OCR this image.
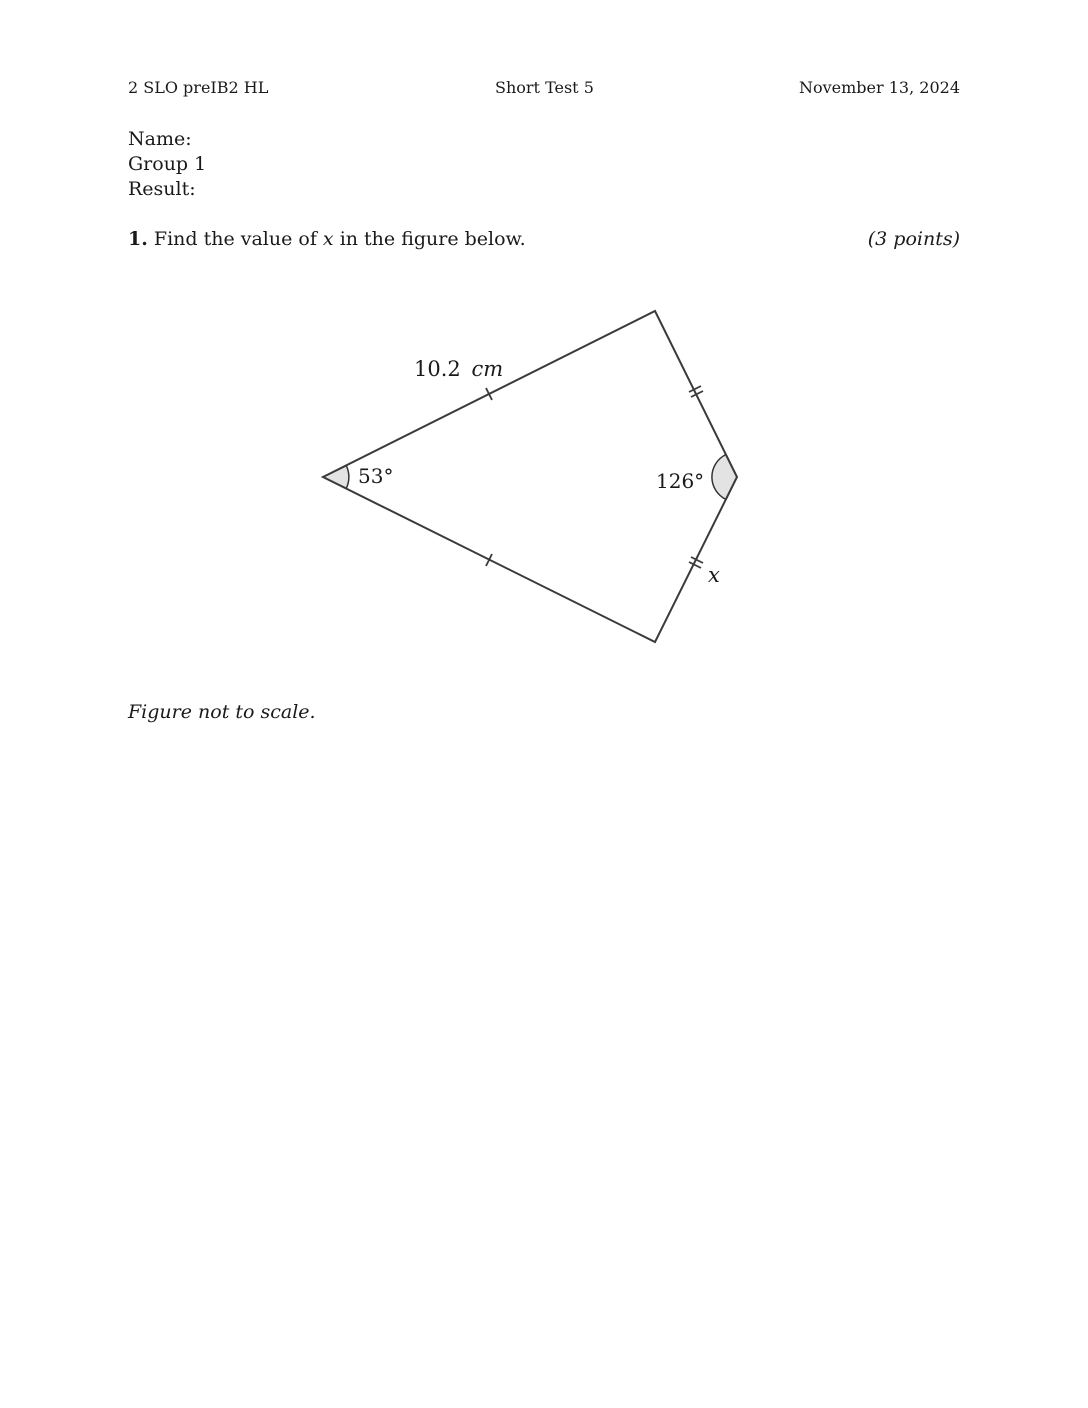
2 SLO preIB2 HL	Short Test 5	November 13, 2024
Name:
Group 1
Result:
1. Find the value of x in the figure below.	(3 points)
10.2 cm
53°	126°
x
Figure not to scale.
